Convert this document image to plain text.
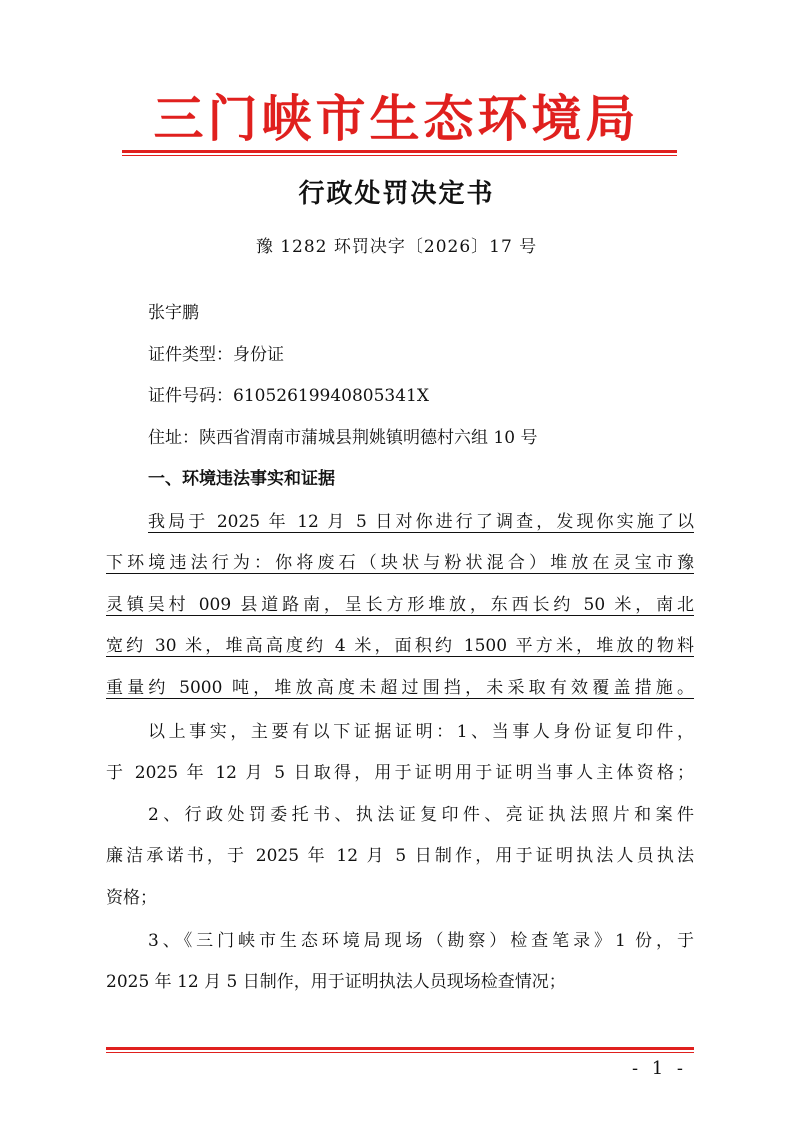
三门峡市生态环境局
行政处罚决定书
豫 1282 环罚决字〔2026〕17 号
张宇鹏
证件类型：身份证
证件号码：61052619940805341X
住址：陕西省渭南市蒲城县荆姚镇明德村六组 10 号
一、环境违法事实和证据
我局于 2025 年 12 月 5 日对你进行了调查，发现你实施了以
下环境违法行为：你将废石（块状与粉状混合）堆放在灵宝市豫
灵镇吴村 009 县道路南，呈长方形堆放，东西长约 50 米，南北
宽约 30 米，堆高高度约 4 米，面积约 1500 平方米，堆放的物料
重量约 5000 吨，堆放高度未超过围挡，未采取有效覆盖措施。
以上事实，主要有以下证据证明：1、当事人身份证复印件，
于 2025 年 12 月 5 日取得，用于证明用于证明当事人主体资格；
2、行政处罚委托书、执法证复印件、亮证执法照片和案件
廉洁承诺书，于 2025 年 12 月 5 日制作，用于证明执法人员执法
资格；
3、《三门峡市生态环境局现场（勘察）检查笔录》1 份，于
2025 年 12 月 5 日制作，用于证明执法人员现场检查情况；
- 1 -
